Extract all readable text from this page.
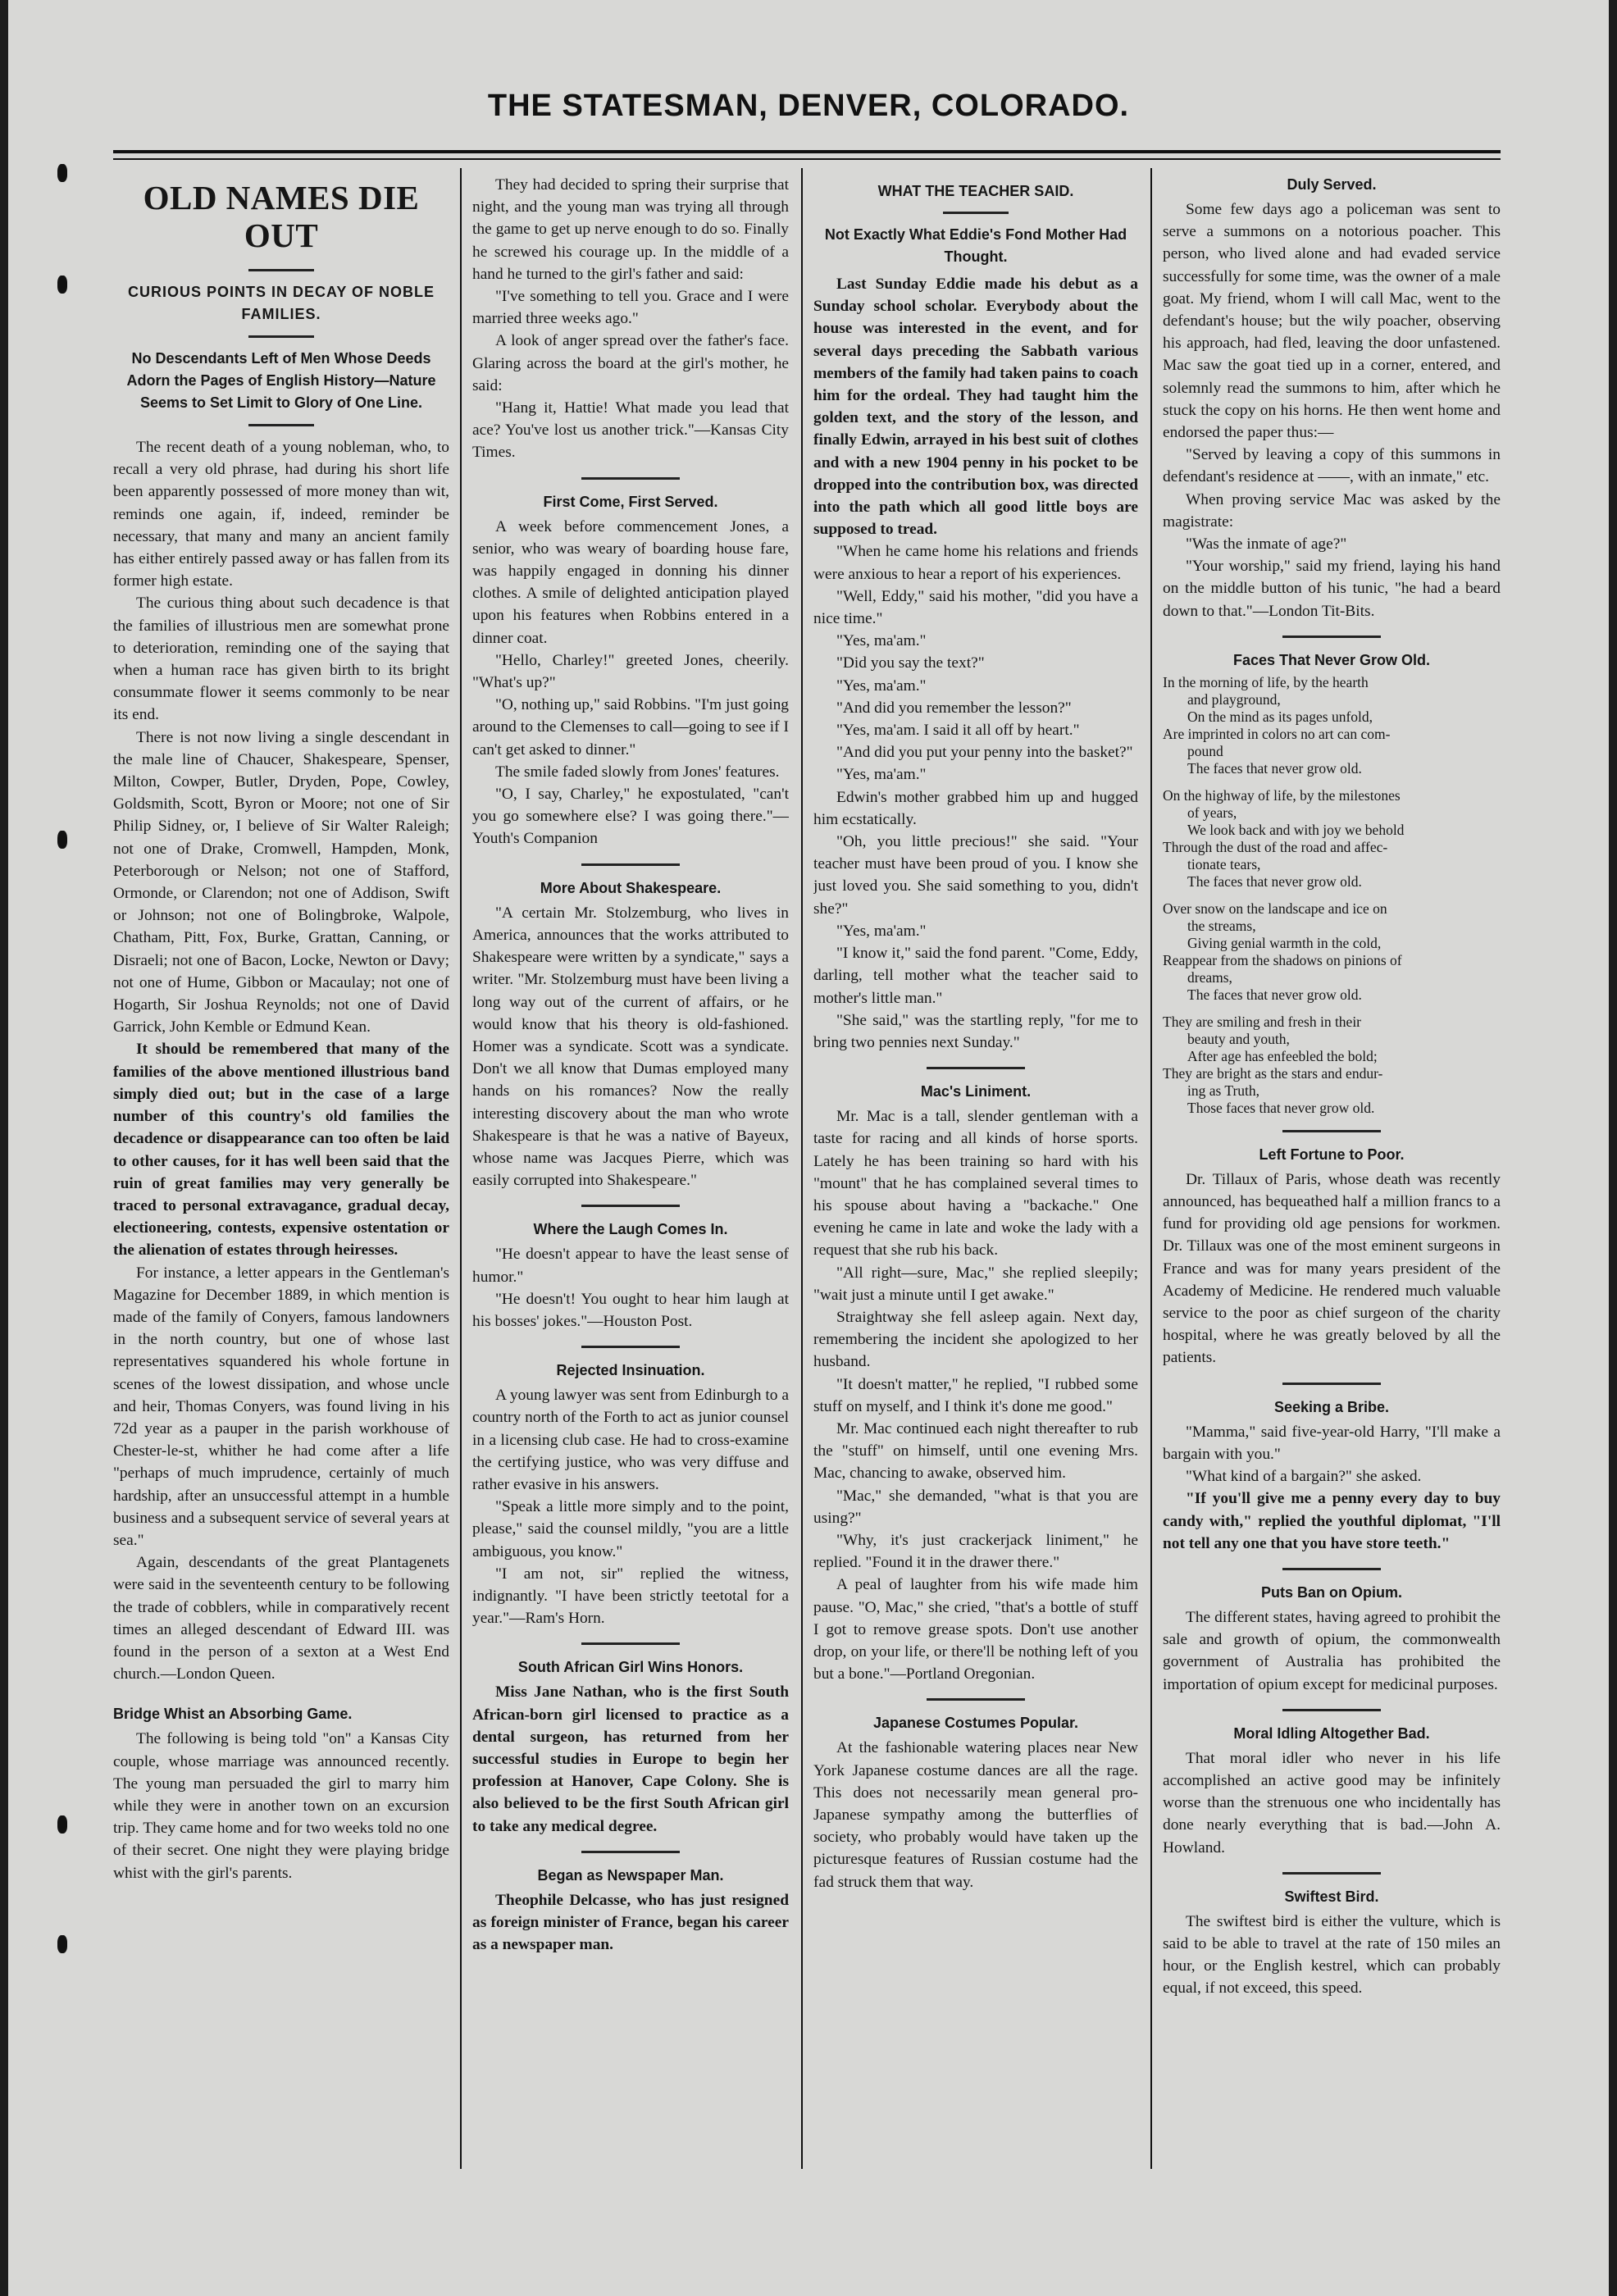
THE STATESMAN, DENVER, COLORADO.
OLD NAMES DIE OUT
CURIOUS POINTS IN DECAY OF NOBLE FAMILIES.
No Descendants Left of Men Whose Deeds Adorn the Pages of English History—Nature Seems to Set Limit to Glory of One Line.

The recent death of a young nobleman, who, to recall a very old phrase, had during his short life been apparently possessed of more money than wit, reminds one again, if, indeed, reminder be necessary, that many and many an ancient family has either entirely passed away or has fallen from its former high estate.

The curious thing about such decadence is that the families of illustrious men are somewhat prone to deterioration, reminding one of the saying that when a human race has given birth to its bright consummate flower it seems commonly to be near its end.

There is not now living a single descendant in the male line of Chaucer, Shakespeare, Spenser, Milton, Cowper, Butler, Dryden, Pope, Cowley, Goldsmith, Scott, Byron or Moore; not one of Sir Philip Sidney, or, I believe of Sir Walter Raleigh; not one of Drake, Cromwell, Hampden, Monk, Peterborough or Nelson; not one of Stafford, Ormonde, or Clarendon; not one of Addison, Swift or Johnson; not one of Bolingbroke, Walpole, Chatham, Pitt, Fox, Burke, Grattan, Canning, or Disraeli; not one of Bacon, Locke, Newton or Davy; not one of Hume, Gibbon or Macaulay; not one of Hogarth, Sir Joshua Reynolds; not one of David Garrick, John Kemble or Edmund Kean.

It should be remembered that many of the families of the above mentioned illustrious band simply died out; but in the case of a large number of this country's old families the decadence or disappearance can too often be laid to other causes, for it has well been said that the ruin of great families may very generally be traced to personal extravagance, gradual decay, electioneering, contests, expensive ostentation or the alienation of estates through heiresses.

For instance, a letter appears in the Gentleman's Magazine for December 1889, in which mention is made of the family of Conyers, famous landowners in the north country, but one of whose last representatives squandered his whole fortune in scenes of the lowest dissipation, and whose uncle and heir, Thomas Conyers, was found living in his 72d year as a pauper in the parish workhouse of Chester-le-st, whither he had come after a life "perhaps of much imprudence, certainly of much hardship, after an unsuccessful attempt in a humble business and a subsequent service of several years at sea."

Again, descendants of the great Plantagenets were said in the seventeenth century to be following the trade of cobblers, while in comparatively recent times an alleged descendant of Edward III. was found in the person of a sexton at a West End church.—London Queen.

Bridge Whist an Absorbing Game.

The following is being told "on" a Kansas City couple, whose marriage was announced recently. The young man persuaded the girl to marry him while they were in another town on an excursion trip. They came home and for two weeks told no one of their secret. One night they were playing bridge whist with the girl's parents.

They had decided to spring their surprise that night, and the young man was trying all through the game to get up nerve enough to do so. Finally he screwed his courage up. In the middle of a hand he turned to the girl's father and said:

"I've something to tell you. Grace and I were married three weeks ago."

A look of anger spread over the father's face. Glaring across the board at the girl's mother, he said:

"Hang it, Hattie! What made you lead that ace? You've lost us another trick."—Kansas City Times.

First Come, First Served.

A week before commencement Jones, a senior, who was weary of boarding house fare, was happily engaged in donning his dinner clothes. A smile of delighted anticipation played upon his features when Robbins entered in a dinner coat.

"Hello, Charley!" greeted Jones, cheerily. "What's up?"

"O, nothing up," said Robbins. "I'm just going around to the Clemenses to call—going to see if I can't get asked to dinner."

The smile faded slowly from Jones' features.

"O, I say, Charley," he expostulated, "can't you go somewhere else? I was going there."—Youth's Companion

More About Shakespeare.

"A certain Mr. Stolzemburg, who lives in America, announces that the works attributed to Shakespeare were written by a syndicate," says a writer. "Mr. Stolzemburg must have been living a long way out of the current of affairs, or he would know that his theory is old-fashioned. Homer was a syndicate. Scott was a syndicate. Don't we all know that Dumas employed many hands on his romances? Now the really interesting discovery about the man who wrote Shakespeare is that he was a native of Bayeux, whose name was Jacques Pierre, which was easily corrupted into Shakespeare."

Where the Laugh Comes In.

"He doesn't appear to have the least sense of humor."

"He doesn't! You ought to hear him laugh at his bosses' jokes."—Houston Post.

Rejected Insinuation.

A young lawyer was sent from Edinburgh to a country north of the Forth to act as junior counsel in a licensing club case. He had to cross-examine the certifying justice, who was very diffuse and rather evasive in his answers.

"Speak a little more simply and to the point, please," said the counsel mildly, "you are a little ambiguous, you know."

"I am not, sir" replied the witness, indignantly. "I have been strictly teetotal for a year."—Ram's Horn.

South African Girl Wins Honors.

Miss Jane Nathan, who is the first South African-born girl licensed to practice as a dental surgeon, has returned from her successful studies in Europe to begin her profession at Hanover, Cape Colony. She is also believed to be the first South African girl to take any medical degree.

Began as Newspaper Man.

Theophile Delcasse, who has just resigned as foreign minister of France, began his career as a newspaper man.

WHAT THE TEACHER SAID.
Not Exactly What Eddie's Fond Mother Had Thought.

Last Sunday Eddie made his debut as a Sunday school scholar. Everybody about the house was interested in the event, and for several days preceding the Sabbath various members of the family had taken pains to coach him for the ordeal. They had taught him the golden text, and the story of the lesson, and finally Edwin, arrayed in his best suit of clothes and with a new 1904 penny in his pocket to be dropped into the contribution box, was directed into the path which all good little boys are supposed to tread.

"When he came home his relations and friends were anxious to hear a report of his experiences.

"Well, Eddy," said his mother, "did you have a nice time."

"Yes, ma'am."

"Did you say the text?"

"Yes, ma'am."

"And did you remember the lesson?"

"Yes, ma'am. I said it all off by heart."

"And did you put your penny into the basket?"

"Yes, ma'am."

Edwin's mother grabbed him up and hugged him ecstatically.

"Oh, you little precious!" she said. "Your teacher must have been proud of you. I know she just loved you. She said something to you, didn't she?"

"Yes, ma'am."

"I know it," said the fond parent. "Come, Eddy, darling, tell mother what the teacher said to mother's little man."

"She said," was the startling reply, "for me to bring two pennies next Sunday."

Mac's Liniment.

Mr. Mac is a tall, slender gentleman with a taste for racing and all kinds of horse sports. Lately he has been training so hard with his "mount" that he has complained several times to his spouse about having a "backache." One evening he came in late and woke the lady with a request that she rub his back.

"All right—sure, Mac," she replied sleepily; "wait just a minute until I get awake."

Straightway she fell asleep again. Next day, remembering the incident she apologized to her husband.

"It doesn't matter," he replied, "I rubbed some stuff on myself, and I think it's done me good."

Mr. Mac continued each night thereafter to rub the "stuff" on himself, until one evening Mrs. Mac, chancing to awake, observed him.

"Mac," she demanded, "what is that you are using?"

"Why, it's just crackerjack liniment," he replied. "Found it in the drawer there."

A peal of laughter from his wife made him pause. "O, Mac," she cried, "that's a bottle of stuff I got to remove grease spots. Don't use another drop, on your life, or there'll be nothing left of you but a bone."—Portland Oregonian.

Japanese Costumes Popular.

At the fashionable watering places near New York Japanese costume dances are all the rage. This does not necessarily mean general pro-Japanese sympathy among the butterflies of society, who probably would have taken up the picturesque features of Russian costume had the fad struck them that way.

Duly Served.

Some few days ago a policeman was sent to serve a summons on a notorious poacher. This person, who lived alone and had evaded service successfully for some time, was the owner of a male goat. My friend, whom I will call Mac, went to the defendant's house; but the wily poacher, observing his approach, had fled, leaving the door unfastened. Mac saw the goat tied up in a corner, entered, and solemnly read the summons to him, after which he stuck the copy on his horns. He then went home and endorsed the paper thus:—

"Served by leaving a copy of this summons in defendant's residence at ——, with an inmate," etc.

When proving service Mac was asked by the magistrate:

"Was the inmate of age?"

"Your worship," said my friend, laying his hand on the middle button of his tunic, "he had a beard down to that."—London Tit-Bits.

Faces That Never Grow Old.
In the morning of life, by the hearth
and playground,
On the mind as its pages unfold,
Are imprinted in colors no art can com-
pound
The faces that never grow old.
On the highway of life, by the milestones
of years,
We look back and with joy we behold
Through the dust of the road and affec-
tionate tears,
The faces that never grow old.
Over snow on the landscape and ice on
the streams,
Giving genial warmth in the cold,
Reappear from the shadows on pinions of
dreams,
The faces that never grow old.
They are smiling and fresh in their
beauty and youth,
After age has enfeebled the bold;
They are bright as the stars and endur-
ing as Truth,
Those faces that never grow old.
Left Fortune to Poor.

Dr. Tillaux of Paris, whose death was recently announced, has bequeathed half a million francs to a fund for providing old age pensions for workmen. Dr. Tillaux was one of the most eminent surgeons in France and was for many years president of the Academy of Medicine. He rendered much valuable service to the poor as chief surgeon of the charity hospital, where he was greatly beloved by all the patients.

Seeking a Bribe.

"Mamma," said five-year-old Harry, "I'll make a bargain with you."

"What kind of a bargain?" she asked.

"If you'll give me a penny every day to buy candy with," replied the youthful diplomat, "I'll not tell any one that you have store teeth."

Puts Ban on Opium.

The different states, having agreed to prohibit the sale and growth of opium, the commonwealth government of Australia has prohibited the importation of opium except for medicinal purposes.

Moral Idling Altogether Bad.

That moral idler who never in his life accomplished an active good may be infinitely worse than the strenuous one who incidentally has done nearly everything that is bad.—John A. Howland.

Swiftest Bird.

The swiftest bird is either the vulture, which is said to be able to travel at the rate of 150 miles an hour, or the English kestrel, which can probably equal, if not exceed, this speed.
